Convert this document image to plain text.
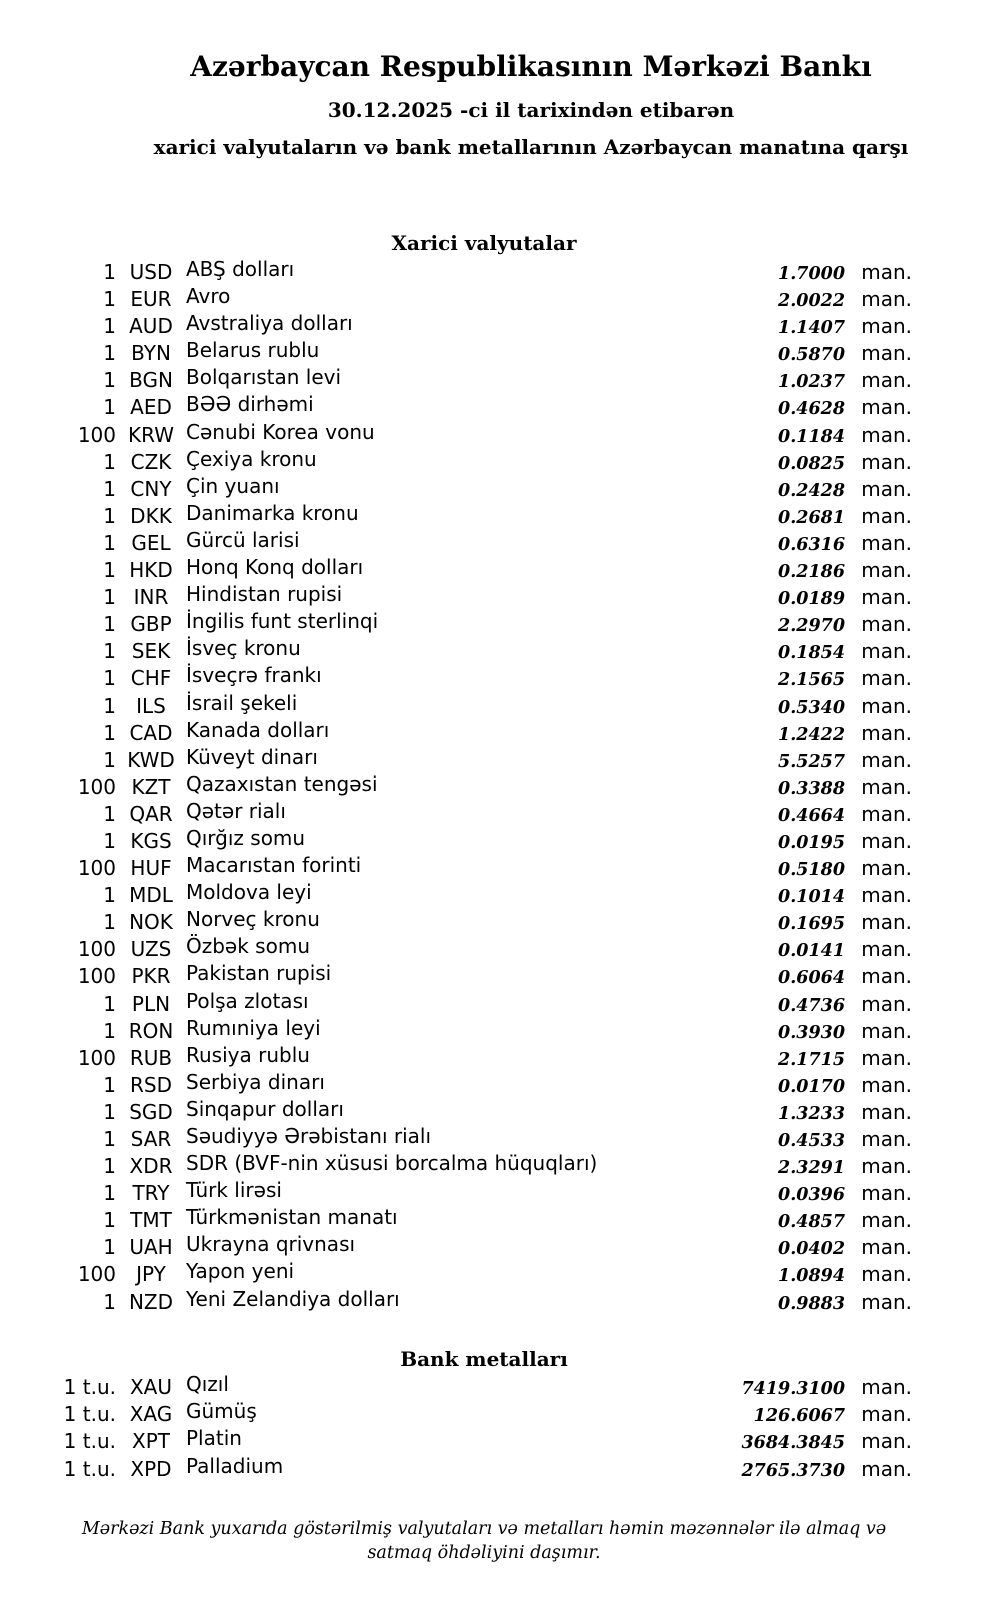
Azərbaycan Respublikasının Mərkəzi Bankı
30.12.2025 -ci il tarixindən etibarən
xarici valyutaların və bank metallarının Azərbaycan manatına qarşı
Xarici valyutalar
1 USD ABŞ dolları	1.7000 man.
1 EUR Avro	2.0022 man.
1 AUD Avstraliya dolları	1.1407 man.
1 BYN Belarus rublu	0.5870 man.
1 BGN Bolqarıstan levi	1.0237 man.
1 AED BƏƏ dirhəmi	0.4628 man.
100 KRW Cənubi Korea vonu	0.1184 man.
1 CZK Çexiya kronu	0.0825 man.
1 CNY Çin yuanı	0.2428 man.
1 DKK Danimarka kronu	0.2681 man.
1 GEL Gürcü larisi	0.6316 man.
1 HKD Honq Konq dolları	0.2186 man.
1 INR Hindistan rupisi	0.0189 man.
1 GBP İngilis funt sterlinqi	2.2970 man.
1 SEK İsveç kronu	0.1854 man.
1 CHF İsveçrə frankı	2.1565 man.
1	ILS	İsrail şekeli	0.5340 man.
1 CAD Kanada dolları	1.2422 man.
1 KWD Küveyt dinarı	5.5257 man.
100 KZT Qazaxıstan tengəsi	0.3388 man.
1 QAR Qətər rialı	0.4664 man.
1 KGS Qırğız somu	0.0195 man.
100 HUF Macarıstan forinti	0.5180 man.
1 MDL Moldova leyi	0.1014 man.
1 NOK Norveç kronu	0.1695 man.
100 UZS Özbək somu	0.0141 man.
100 PKR Pakistan rupisi	0.6064 man.
1 PLN Polşa zlotası	0.4736 man.
1 RON Rumıniya leyi	0.3930 man.
100 RUB Rusiya rublu	2.1715 man.
1 RSD Serbiya dinarı	0.0170 man.
1 SGD Sinqapur dolları	1.3233 man.
1 SAR Səudiyyə Ərəbistanı rialı	0.4533 man.
1 XDR SDR (BVF-nin xüsusi borcalma hüquqları)	2.3291 man.
1 TRY Türk lirəsi	0.0396 man.
1 TMT Türkmənistan manatı	0.4857 man.
1 UAH Ukrayna qrivnası	0.0402 man.
100	JPY	Yapon yeni	1.0894 man.
1 NZD Yeni Zelandiya dolları	0.9883 man.
Bank metalları
1 t.u. XAU Qızıl	7419.3100 man.
1 t.u. XAG Gümüş	126.6067 man.
1 t.u. XPT Platin	3684.3845 man.
1 t.u. XPD Palladium	2765.3730 man.

Mərkəzi Bank yuxarıda göstərilmiş valyutaları və metalları həmin məzənnələr ilə almaq və satmaq öhdəliyini daşımır.
